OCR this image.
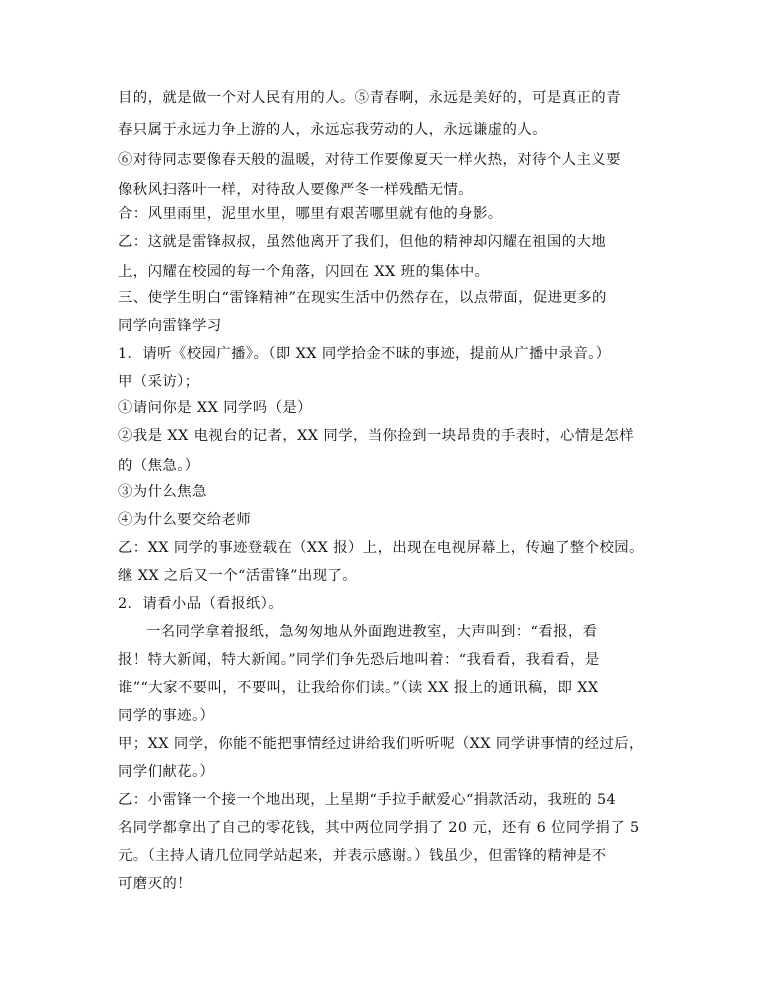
目的，就是做一个对人民有用的人。⑤青春啊，永远是美好的，可是真正的青
春只属于永远力争上游的人，永远忘我劳动的人，永远谦虚的人。
⑥对待同志要像春天般的温暖，对待工作要像夏天一样火热，对待个人主义要
像秋风扫落叶一样，对待敌人要像严冬一样残酷无情。
合：风里雨里，泥里水里，哪里有艰苦哪里就有他的身影。
乙：这就是雷锋叔叔，虽然他离开了我们，但他的精神却闪耀在祖国的大地
上，闪耀在校园的每一个角落，闪回在 XX 班的集体中。
三、使学生明白“雷锋精神”在现实生活中仍然存在，以点带面，促进更多的
同学向雷锋学习
1．请听《校园广播》。（即 XX 同学拾金不昧的事迹，提前从广播中录音。）
甲（采访）；
①请问你是 XX 同学吗（是）
②我是 XX 电视台的记者，XX 同学，当你捡到一块昂贵的手表时，心情是怎样
的（焦急。）
③为什么焦急
④为什么要交给老师
乙：XX 同学的事迹登载在（XX 报）上，出现在电视屏幕上，传遍了整个校园。
继 XX 之后又一个“活雷锋”出现了。
2．请看小品（看报纸）。
一名同学拿着报纸，急匆匆地从外面跑进教室，大声叫到：“看报，看
报！特大新闻，特大新闻。”同学们争先恐后地叫着：“我看看，我看看，是
谁”“大家不要叫，不要叫，让我给你们读。”（读 XX 报上的通讯稿，即 XX
同学的事迹。）
甲；XX 同学，你能不能把事情经过讲给我们听听呢（XX 同学讲事情的经过后，
同学们献花。）
乙：小雷锋一个接一个地出现，上星期“手拉手献爱心“捐款活动，我班的 54
名同学都拿出了自己的零花钱，其中两位同学捐了 20 元，还有 6 位同学捐了 5
元。（主持人请几位同学站起来，并表示感谢。）钱虽少，但雷锋的精神是不
可磨灭的！
